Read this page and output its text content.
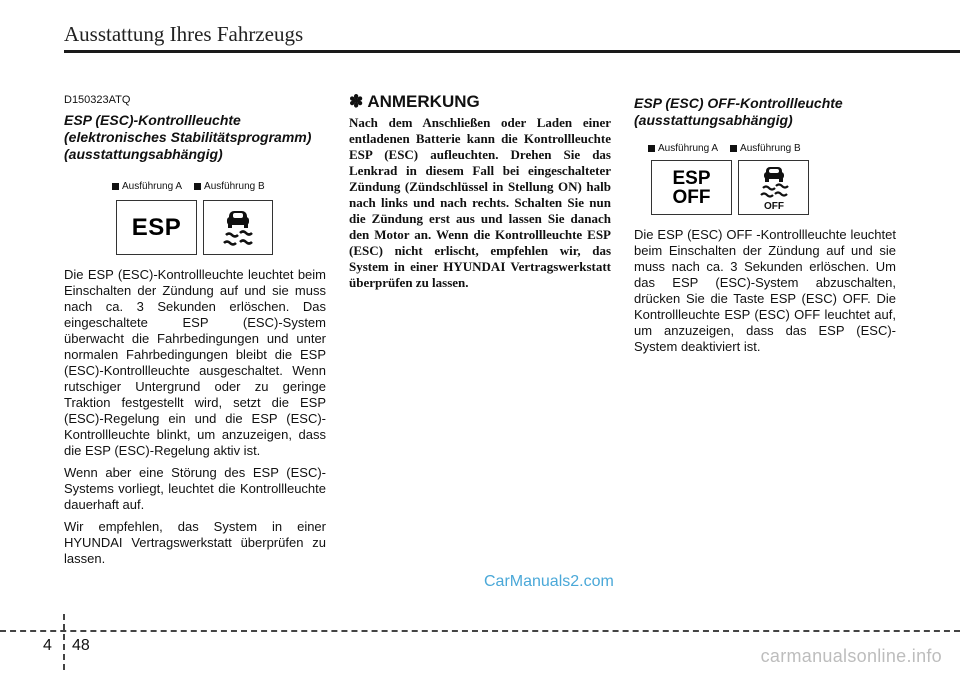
Ausstattung Ihres Fahrzeugs
D150323ATQ
ESP (ESC)-Kontrollleuchte
(elektronisches Stabilitätsprogramm)
(ausstattungsabhängig)
Ausführung A Ausführung B
ESP

Die ESP (ESC)-Kontrollleuchte leuchtet beim Einschalten der Zündung auf und sie muss nach ca. 3 Sekunden erlöschen. Das eingeschaltete ESP (ESC)-System überwacht die Fahrbedingungen und unter normalen Fahrbedingungen bleibt die ESP (ESC)-Kontrollleuchte ausgeschaltet. Wenn rutschiger Untergrund oder zu geringe Traktion festgestellt wird, setzt die ESP (ESC)-Regelung ein und die ESP (ESC)-Kontrollleuchte blinkt, um anzuzeigen, dass die ESP (ESC)-Regelung aktiv ist.

Wenn aber eine Störung des ESP (ESC)-Systems vorliegt, leuchtet die Kontrollleuchte dauerhaft auf.

Wir empfehlen, das System in einer HYUNDAI Vertragswerkstatt überprüfen zu lassen.

✽ ANMERKUNG

Nach dem Anschließen oder Laden einer entladenen Batterie kann die Kontrollleuchte ESP (ESC) aufleuchten. Drehen Sie das Lenkrad in diesem Fall bei eingeschalteter Zündung (Zündschlüssel in Stellung ON) halb nach links und nach rechts. Schalten Sie nun die Zündung erst aus und lassen Sie danach den Motor an. Wenn die Kontrollleuchte ESP (ESC) nicht erlischt, empfehlen wir, das System in einer HYUNDAI Vertragswerkstatt überprüfen zu lassen.

ESP (ESC) OFF-Kontrollleuchte
(ausstattungsabhängig)
Ausführung A Ausführung B
ESP
OFF	OFF

Die ESP (ESC) OFF -Kontrollleuchte leuchtet beim Einschalten der Zündung auf und sie muss nach ca. 3 Sekunden erlöschen. Um das ESP (ESC)-System abzuschalten, drücken Sie die Taste ESP (ESC) OFF. Die Kontrollleuchte ESP (ESC) OFF leuchtet auf, um anzuzeigen, dass das ESP (ESC)-System deaktiviert ist.

CarManuals2.com
4 48
carmanualsonline.info
